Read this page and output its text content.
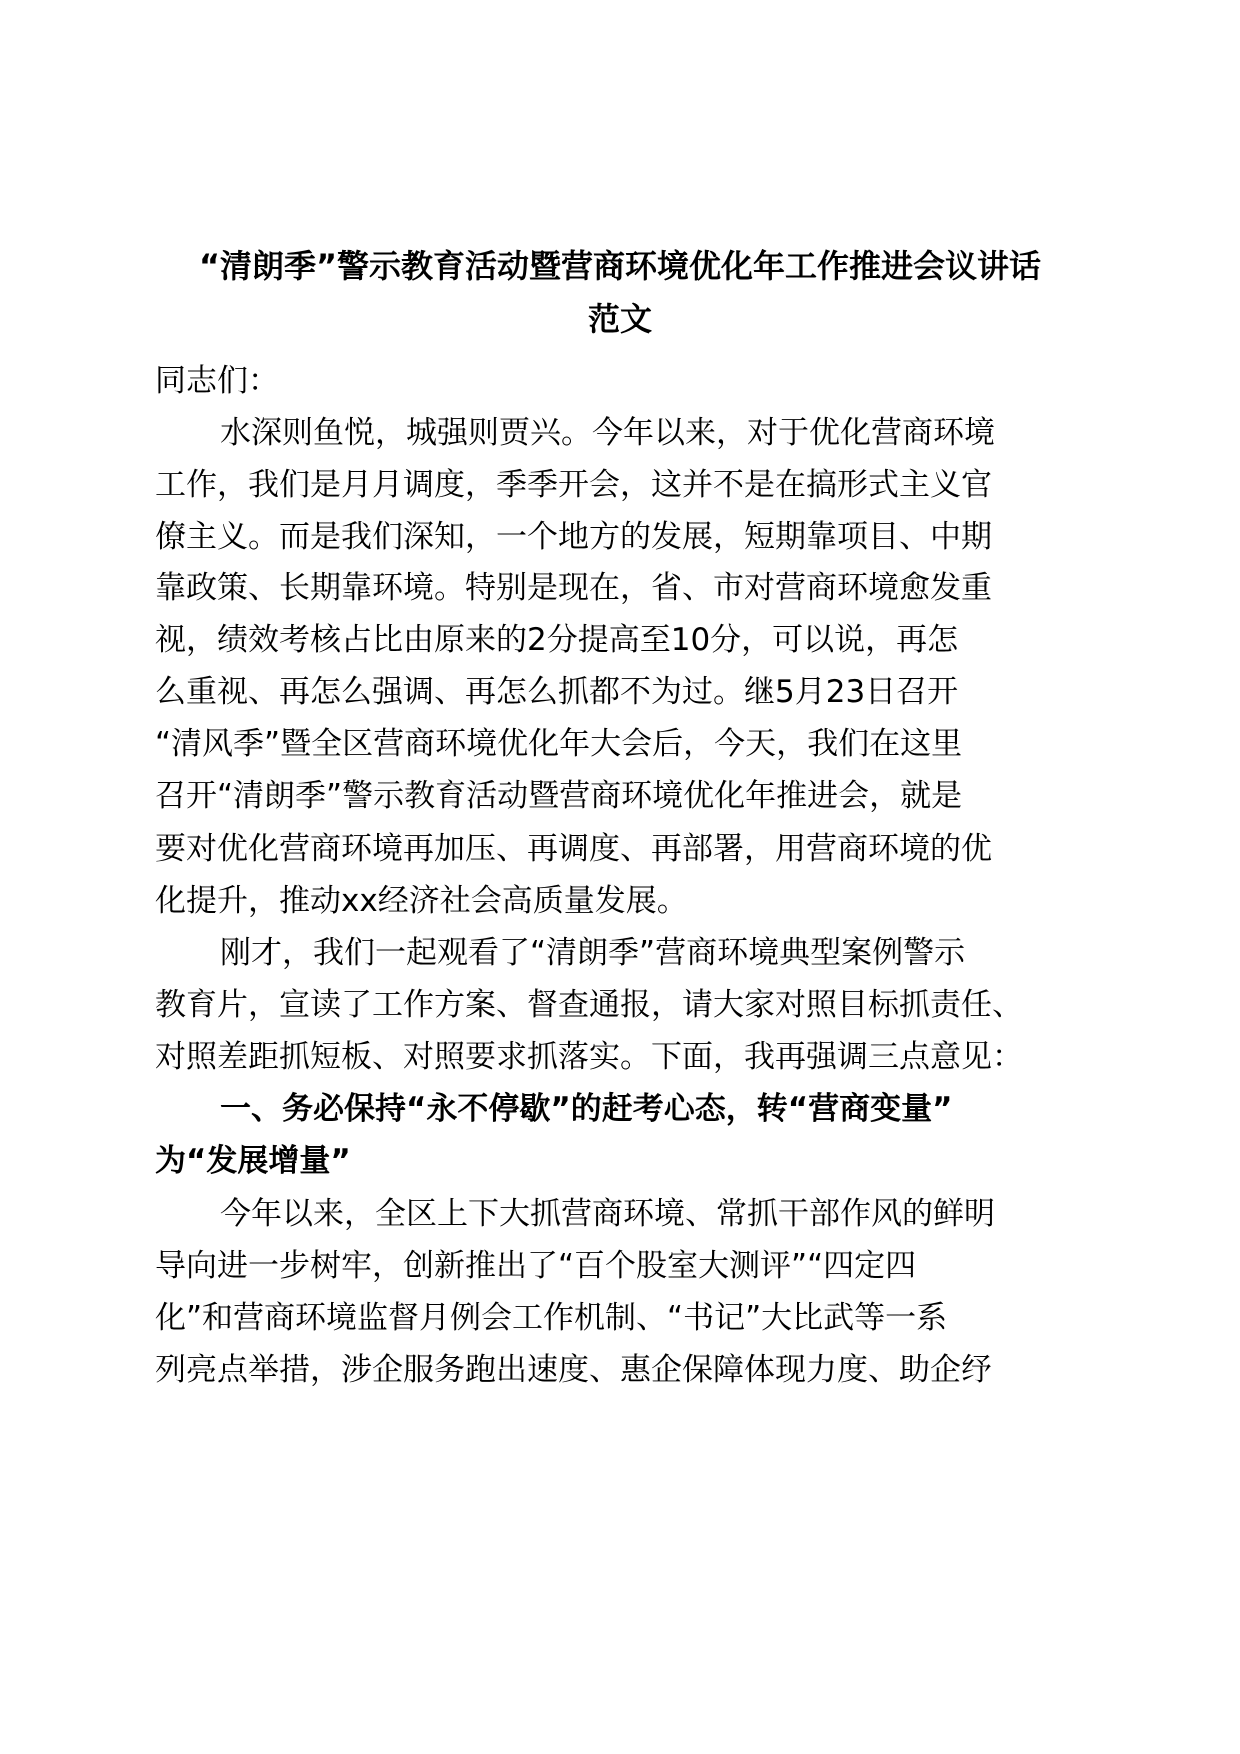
“清朗季”警示教育活动暨营商环境优化年工作推进会议讲话
范文
同志们：
水深则鱼悦，城强则贾兴。今年以来，对于优化营商环境
工作，我们是月月调度，季季开会，这并不是在搞形式主义官
僚主义。而是我们深知，一个地方的发展，短期靠项目、中期
靠政策、长期靠环境。特别是现在，省、市对营商环境愈发重
视，绩效考核占比由原来的2分提高至10分，可以说，再怎
么重视、再怎么强调、再怎么抓都不为过。继5月23日召开
“清风季”暨全区营商环境优化年大会后，今天，我们在这里
召开“清朗季”警示教育活动暨营商环境优化年推进会，就是
要对优化营商环境再加压、再调度、再部署，用营商环境的优
化提升，推动xx经济社会高质量发展。
刚才，我们一起观看了“清朗季”营商环境典型案例警示
教育片，宣读了工作方案、督查通报，请大家对照目标抓责任、
对照差距抓短板、对照要求抓落实。下面，我再强调三点意见：
一、务必保持“永不停歇”的赶考心态，转“营商变量”
为“发展增量”
今年以来，全区上下大抓营商环境、常抓干部作风的鲜明
导向进一步树牢，创新推出了“百个股室大测评”“四定四
化”和营商环境监督月例会工作机制、“书记”大比武等一系
列亮点举措，涉企服务跑出速度、惠企保障体现力度、助企纾
